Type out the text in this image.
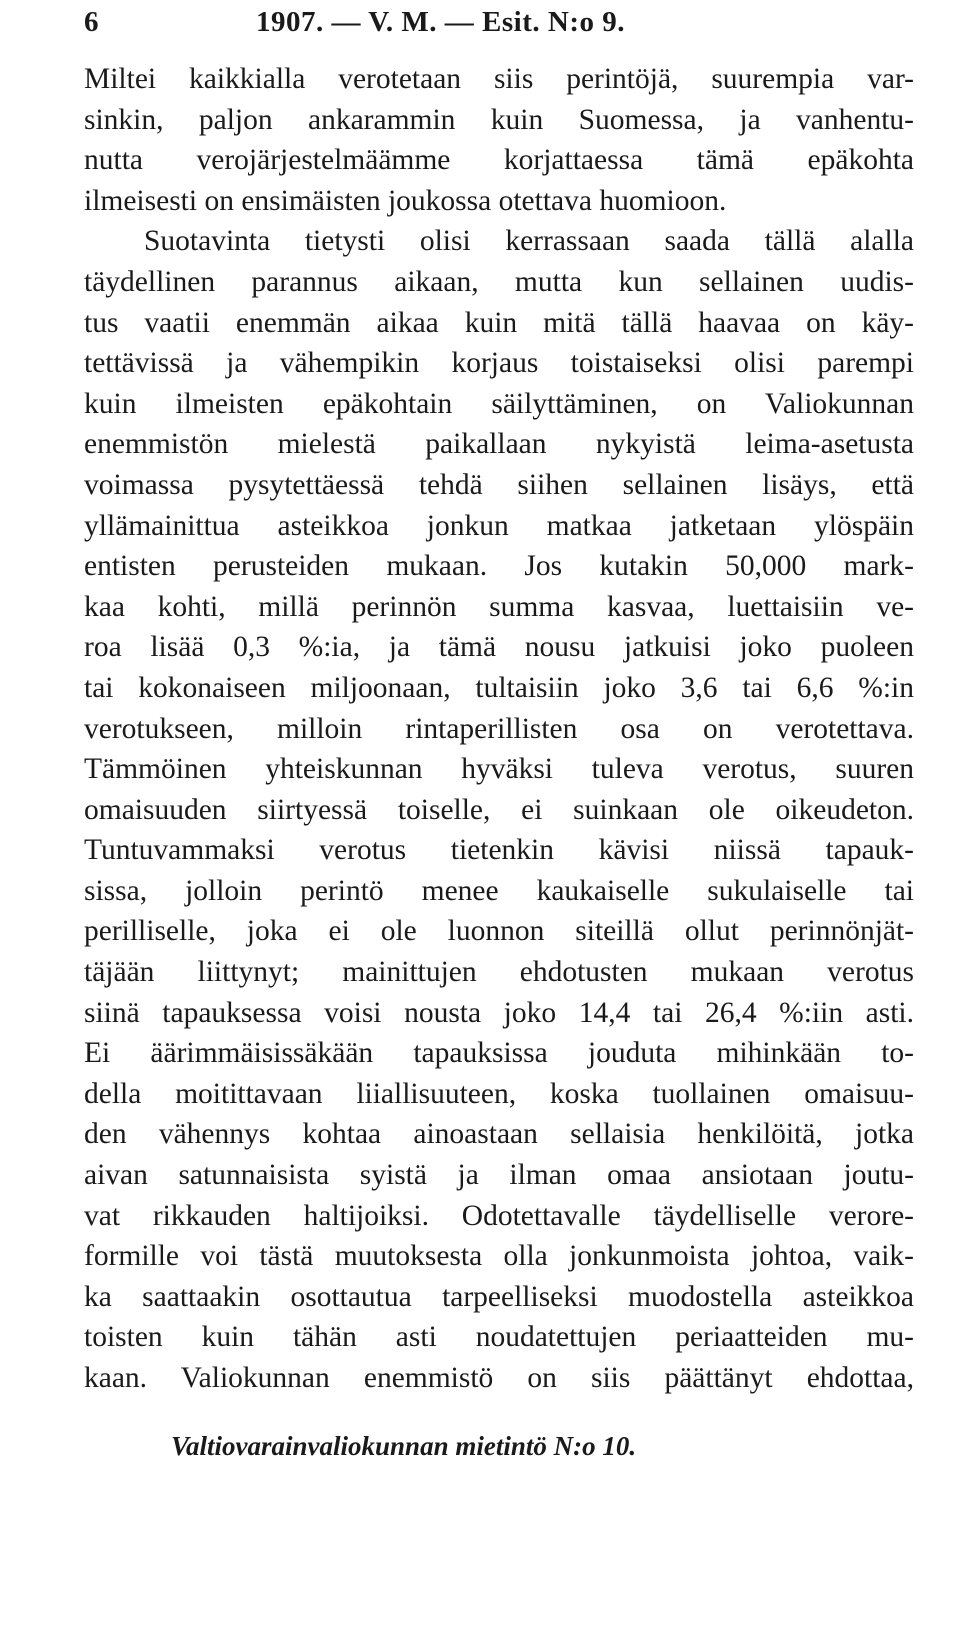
6	1907. — V. M. — Esit. N:o 9.
Miltei kaikkialla verotetaan siis perintöjä, suurempia var-
sinkin, paljon ankarammin kuin Suomessa, ja vanhentu-
nutta verojärjestelmäämme korjattaessa tämä epäkohta
ilmeisesti on ensimäisten joukossa otettava huomioon.
Suotavinta tietysti olisi kerrassaan saada tällä alalla
täydellinen parannus aikaan, mutta kun sellainen uudis-
tus vaatii enemmän aikaa kuin mitä tällä haavaa on käy-
tettävissä ja vähempikin korjaus toistaiseksi olisi parempi
kuin ilmeisten epäkohtain säilyttäminen, on Valiokunnan
enemmistön mielestä paikallaan nykyistä leima-asetusta
voimassa pysytettäessä tehdä siihen sellainen lisäys, että
yllämainittua asteikkoa jonkun matkaa jatketaan ylöspäin
entisten perusteiden mukaan. Jos kutakin 50,000 mark-
kaa kohti, millä perinnön summa kasvaa, luettaisiin ve-
roa lisää 0,3 %:ia, ja tämä nousu jatkuisi joko puoleen
tai kokonaiseen miljoonaan, tultaisiin joko 3,6 tai 6,6 %:in
verotukseen, milloin rintaperillisten osa on verotettava.
Tämmöinen yhteiskunnan hyväksi tuleva verotus, suuren
omaisuuden siirtyessä toiselle, ei suinkaan ole oikeudeton.
Tuntuvammaksi verotus tietenkin kävisi niissä tapauk-
sissa, jolloin perintö menee kaukaiselle sukulaiselle tai
perilliselle, joka ei ole luonnon siteillä ollut perinnönjät-
täjään liittynyt; mainittujen ehdotusten mukaan verotus
siinä tapauksessa voisi nousta joko 14,4 tai 26,4 %:iin asti.
Ei äärimmäisissäkään tapauksissa jouduta mihinkään to-
della moitittavaan liiallisuuteen, koska tuollainen omaisuu-
den vähennys kohtaa ainoastaan sellaisia henkilöitä, jotka
aivan satunnaisista syistä ja ilman omaa ansiotaan joutu-
vat rikkauden haltijoiksi. Odotettavalle täydelliselle verore-
formille voi tästä muutoksesta olla jonkunmoista johtoa, vaik-
ka saattaakin osottautua tarpeelliseksi muodostella asteikkoa
toisten kuin tähän asti noudatettujen periaatteiden mu-
kaan. Valiokunnan enemmistö on siis päättänyt ehdottaa,
Valtiovarainvaliokunnan mietintö N:o 10.
